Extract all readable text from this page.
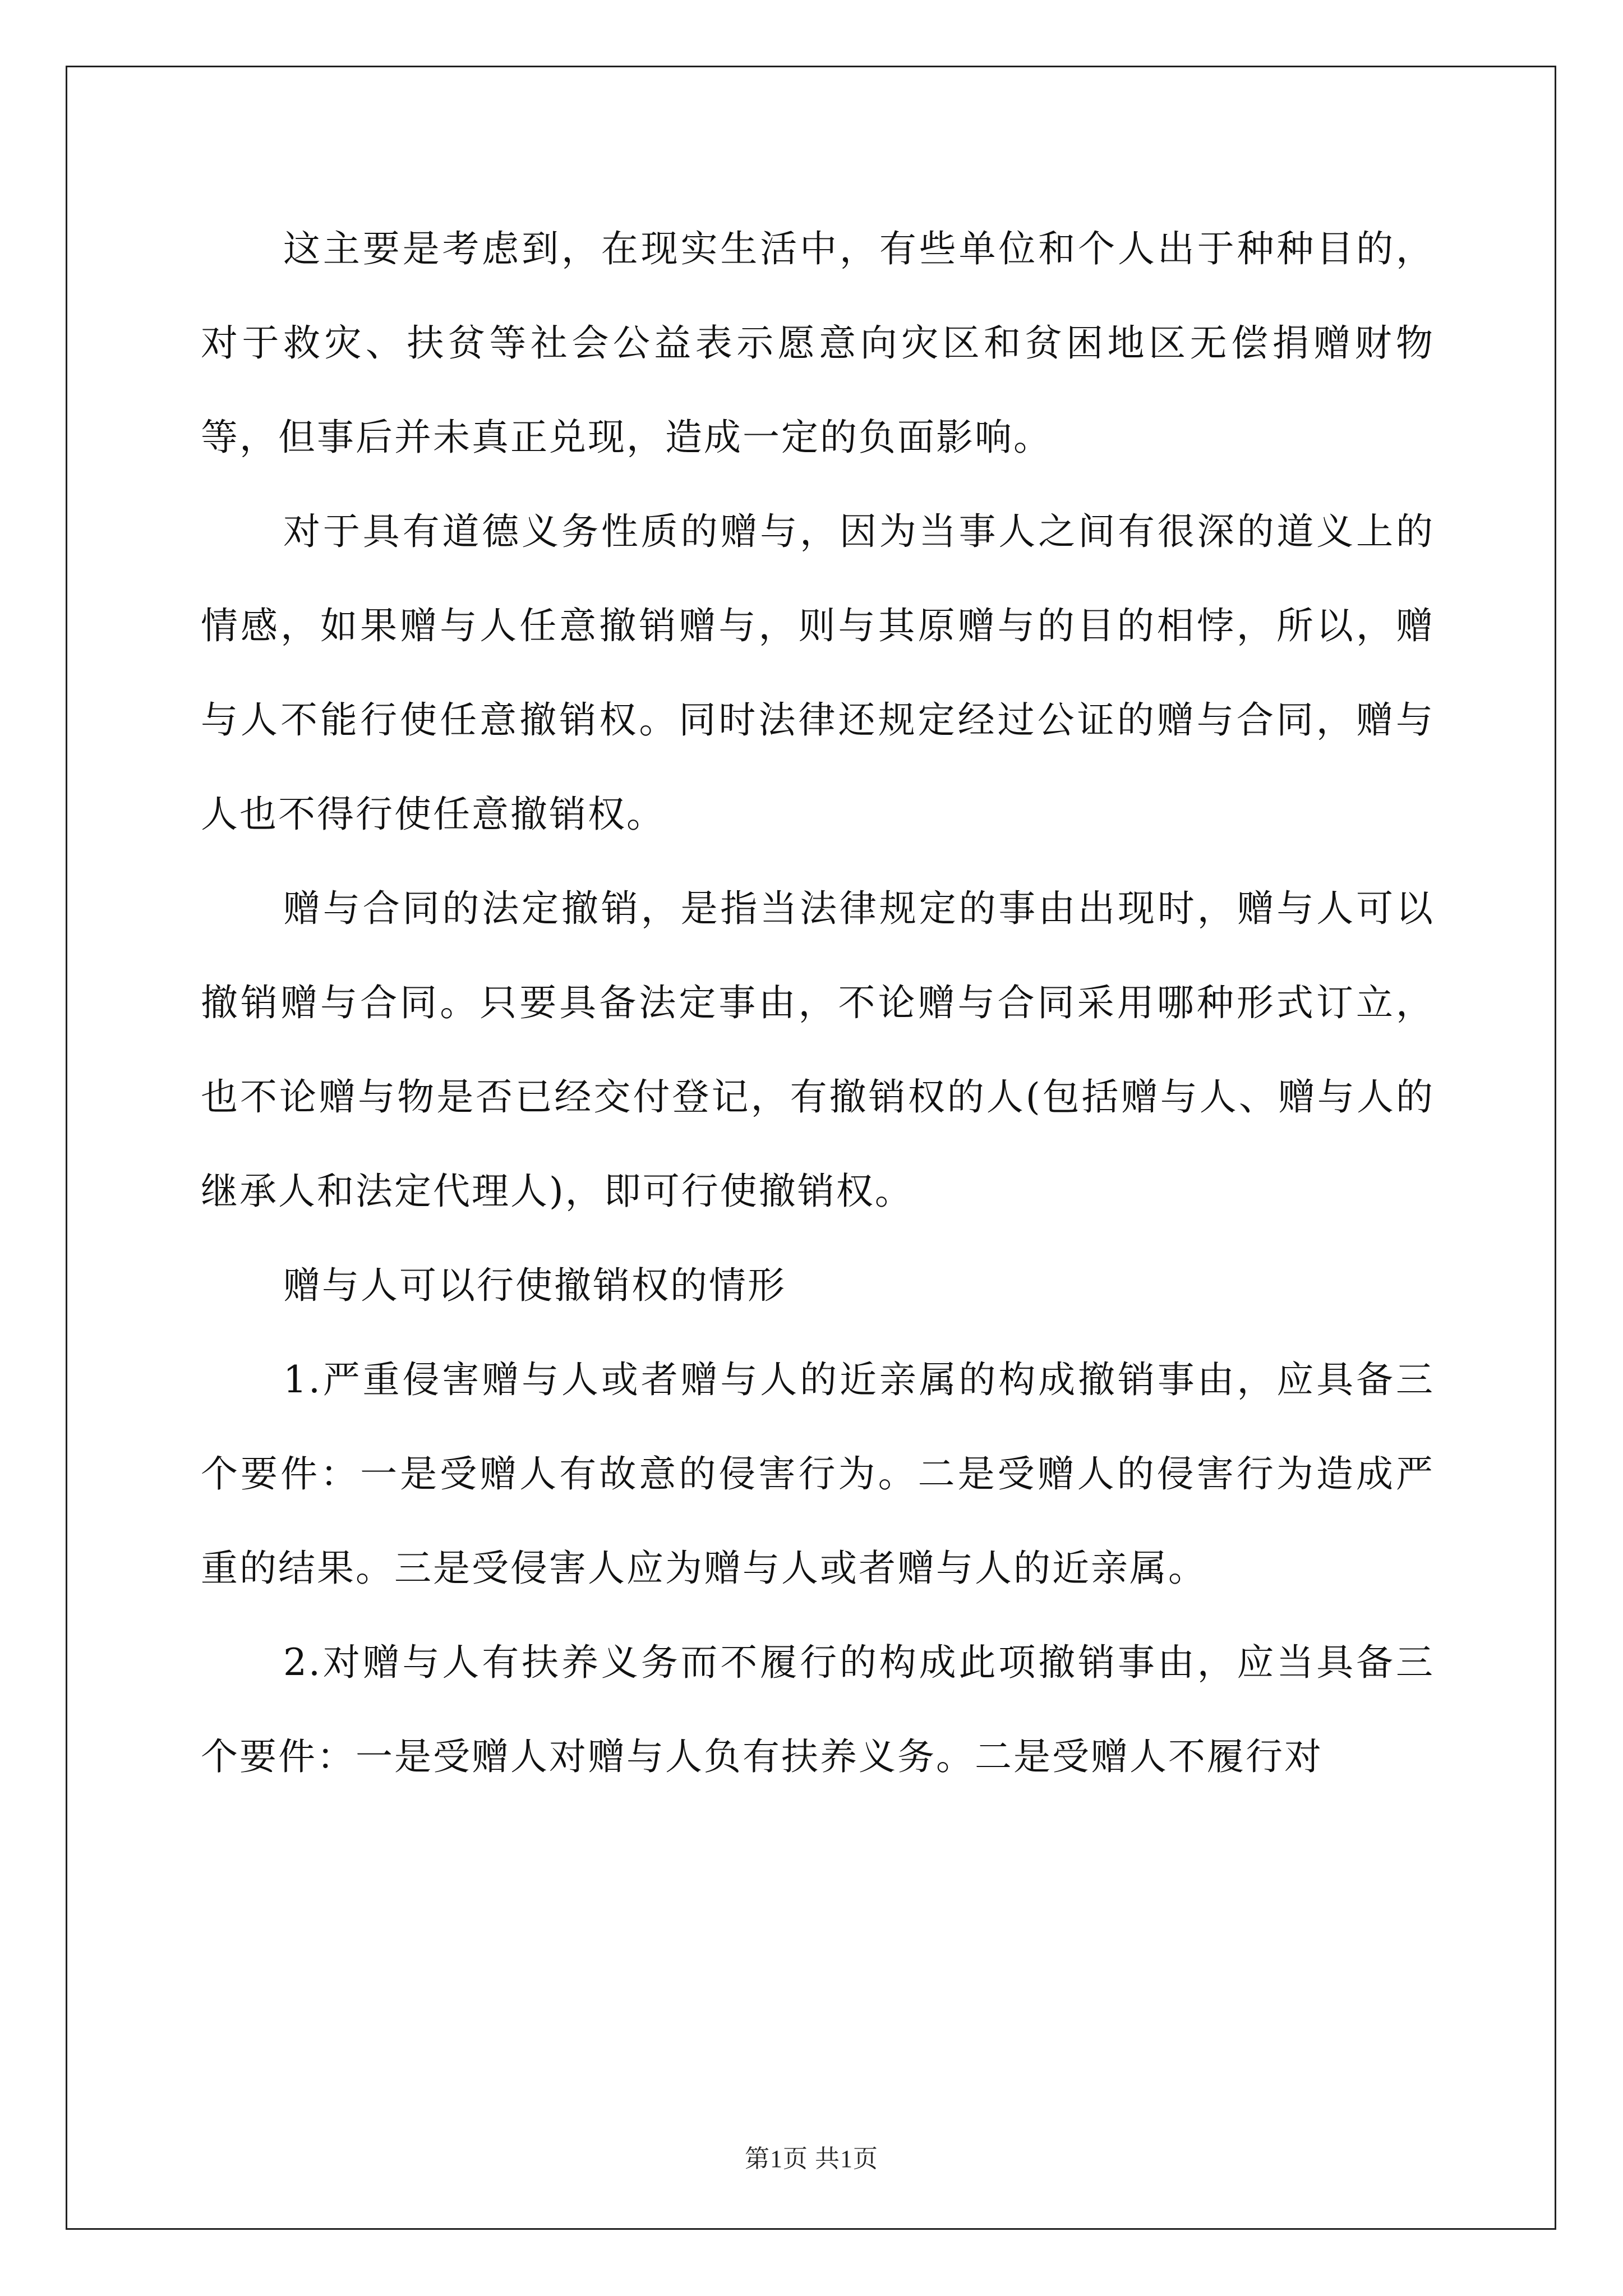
这主要是考虑到，在现实生活中，有些单位和个人出于种种目的，对于救灾、扶贫等社会公益表示愿意向灾区和贫困地区无偿捐赠财物等，但事后并未真正兑现，造成一定的负面影响。

对于具有道德义务性质的赠与，因为当事人之间有很深的道义上的情感，如果赠与人任意撤销赠与，则与其原赠与的目的相悖，所以，赠与人不能行使任意撤销权。同时法律还规定经过公证的赠与合同，赠与人也不得行使任意撤销权。

赠与合同的法定撤销，是指当法律规定的事由出现时，赠与人可以撤销赠与合同。只要具备法定事由，不论赠与合同采用哪种形式订立，也不论赠与物是否已经交付登记，有撤销权的人(包括赠与人、赠与人的继承人和法定代理人)，即可行使撤销权。

赠与人可以行使撤销权的情形

1.严重侵害赠与人或者赠与人的近亲属的构成撤销事由，应具备三个要件：一是受赠人有故意的侵害行为。二是受赠人的侵害行为造成严重的结果。三是受侵害人应为赠与人或者赠与人的近亲属。

2.对赠与人有扶养义务而不履行的构成此项撤销事由，应当具备三个要件：一是受赠人对赠与人负有扶养义务。二是受赠人不履行对

第1页 共1页
